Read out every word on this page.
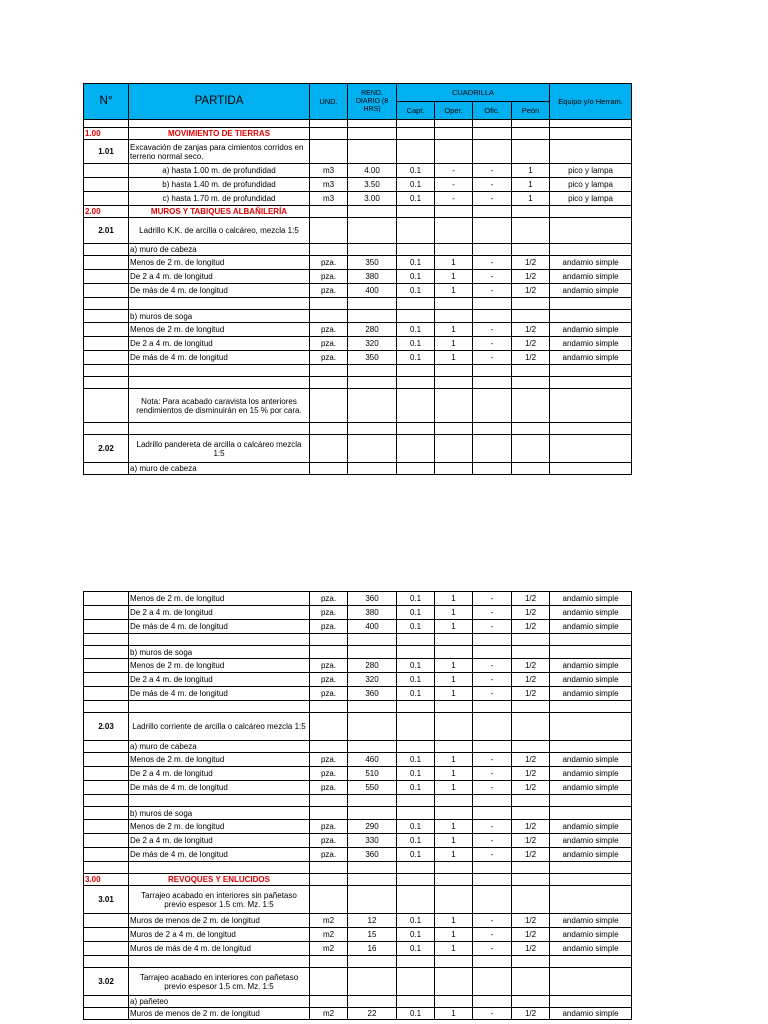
N°	PARTIDA	UND.	REND. DIARIO (8 HRS)	CUADRILLA				Equipo y/o Herram.
				Capt.	Oper.	Ofic.	Peón	

1.00	MOVIMIENTO DE TIERRAS							
1.01	Excavación de zanjas para cimientos corridos en terreno normal seco.							
	a) hasta 1.00 m. de profundidad	m3	4.00	0.1	-	-	1	pico y lampa
	b) hasta 1.40 m. de profundidad	m3	3.50	0.1	-	-	1	pico y lampa
	c) hasta 1.70 m. de profundidad	m3	3.00	0.1	-	-	1	pico y lampa
2.00	MUROS Y TABIQUES ALBAÑILERÍA							
2.01	Ladrillo K.K. de arcilla o calcáreo, mezcla 1:5							
	a) muro de cabeza							
	Menos de 2 m. de longitud	pza.	350	0.1	1	-	1/2	andamio simple
	De 2 a 4 m. de longitud	pza.	380	0.1	1	-	1/2	andamio simple
	De más de 4 m. de longitud	pza.	400	0.1	1	-	1/2	andamio simple

	b) muros de soga							
	Menos de 2 m. de longitud	pza.	280	0.1	1	-	1/2	andamio simple
	De 2 a 4 m. de longitud	pza.	320	0.1	1	-	1/2	andamio simple
	De más de 4 m. de longitud	pza.	350	0.1	1	-	1/2	andamio simple

	Nota: Para acabado caravista los anteriores rendimientos de disminuirán en 15 % por cara.							

2.02	Ladrillo pandereta de arcilla o calcáreo mezcla 1:5							
	a) muro de cabeza							
	Menos de 2 m. de longitud	pza.	360	0.1	1	-	1/2	andamio simple
	De 2 a 4 m. de longitud	pza.	380	0.1	1	-	1/2	andamio simple
	De más de 4 m. de longitud	pza.	400	0.1	1	-	1/2	andamio simple

	b) muros de soga							
	Menos de 2 m. de longitud	pza.	280	0.1	1	-	1/2	andamio simple
	De 2 a 4 m. de longitud	pza.	320	0.1	1	-	1/2	andamio simple
	De más de 4 m. de longitud	pza.	360	0.1	1	-	1/2	andamio simple

2.03	Ladrillo corriente de arcilla o calcáreo mezcla 1:5							
	a) muro de cabeza							
	Menos de 2 m. de longitud	pza.	460	0.1	1	-	1/2	andamio simple
	De 2 a 4 m. de longitud	pza.	510	0.1	1	-	1/2	andamio simple
	De más de 4 m. de longitud	pza.	550	0.1	1	-	1/2	andamio simple

	b) muros de soga							
	Menos de 2 m. de longitud	pza.	290	0.1	1	-	1/2	andamio simple
	De 2 a 4 m. de longitud	pza.	330	0.1	1	-	1/2	andamio simple
	De más de 4 m. de longitud	pza.	360	0.1	1	-	1/2	andamio simple

3.00	REVOQUES Y ENLUCIDOS							
3.01	Tarrajeo acabado en interiores sin pañetaso previo espesor 1.5 cm. Mz. 1:5							
	Muros de menos de 2 m. de longitud	m2	12	0.1	1	-	1/2	andamio simple
	Muros de 2 a 4 m. de longitud	m2	15	0.1	1	-	1/2	andamio simple
	Muros de más de 4 m. de longitud	m2	16	0.1	1	-	1/2	andamio simple

3.02	Tarrajeo acabado en interiores con pañetaso previo espesor 1.5 cm. Mz. 1:5							
	a) pañeteo							
	Muros de menos de 2 m. de longitud	m2	22	0.1	1	-	1/2	andamio simple
